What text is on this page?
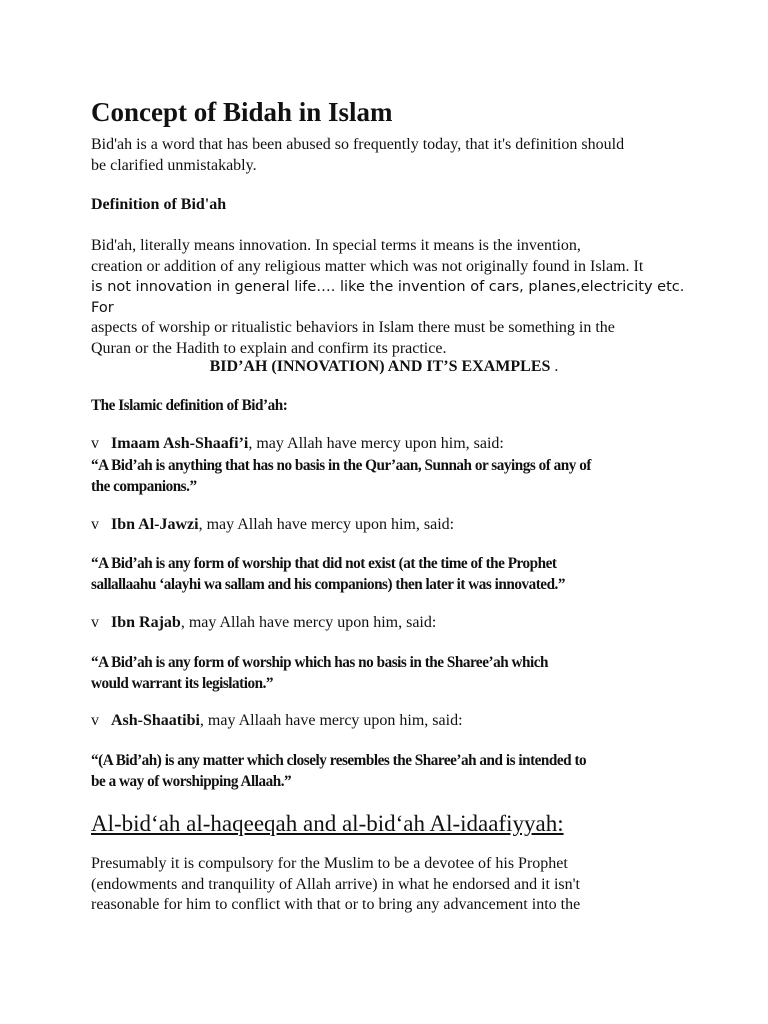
Concept of Bidah in Islam
Bid'ah is a word that has been abused so frequently today, that it's definition should
be clarified unmistakably.
Definition of Bid'ah
Bid'ah, literally means innovation. In special terms it means is the invention,
creation or addition of any religious matter which was not originally found in Islam. It
is not innovation in general life…. like the invention of cars, planes,electricity etc. For
aspects of worship or ritualistic behaviors in Islam there must be something in the
Quran or the Hadith to explain and confirm its practice.
BID’AH (INNOVATION) AND IT’S EXAMPLES .
The Islamic definition of Bid’ah:
v Imaam Ash-Shaafi’i, may Allah have mercy upon him, said:
“A Bid’ah is anything that has no basis in the Qur’aan, Sunnah or sayings of any of
the companions.”
v Ibn Al-Jawzi, may Allah have mercy upon him, said:
“A Bid’ah is any form of worship that did not exist (at the time of the Prophet
sallallaahu ‘alayhi wa sallam and his companions) then later it was innovated.”
v Ibn Rajab, may Allah have mercy upon him, said:
“A Bid’ah is any form of worship which has no basis in the Sharee’ah which
would warrant its legislation.”
v Ash-Shaatibi, may Allaah have mercy upon him, said:
“(A Bid’ah) is any matter which closely resembles the Sharee’ah and is intended to
be a way of worshipping Allaah.”
Al-bid‘ah al-haqeeqah and al-bid‘ah Al-idaafiyyah:
Presumably it is compulsory for the Muslim to be a devotee of his Prophet
(endowments and tranquility of Allah arrive) in what he endorsed and it isn't
reasonable for him to conflict with that or to bring any advancement into the
